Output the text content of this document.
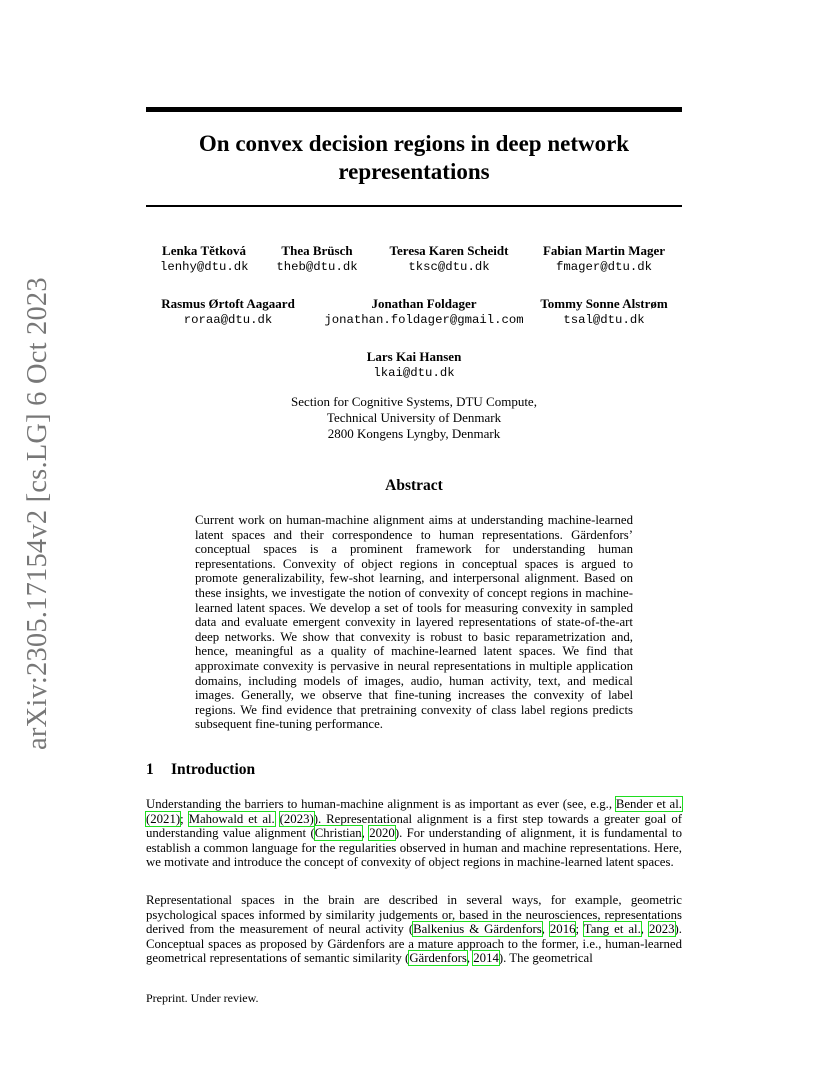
arXiv:2305.17154v2 [cs.LG] 6 Oct 2023
On convex decision regions in deep network representations
Lenka Tětková
lenhy@dtu.dk
Thea Brüsch
theb@dtu.dk
Teresa Karen Scheidt
tksc@dtu.dk
Fabian Martin Mager
fmager@dtu.dk
Rasmus Ørtoft Aagaard
roraa@dtu.dk
Jonathan Foldager
jonathan.foldager@gmail.com
Tommy Sonne Alstrøm
tsal@dtu.dk
Lars Kai Hansen
lkai@dtu.dk
Section for Cognitive Systems, DTU Compute,
Technical University of Denmark
2800 Kongens Lyngby, Denmark
Abstract
Current work on human-machine alignment aims at understanding machine-learned latent spaces and their correspondence to human representations. Gärdenfors’ conceptual spaces is a prominent framework for understanding human representations. Convexity of object regions in conceptual spaces is argued to promote generalizability, few-shot learning, and interpersonal alignment. Based on these insights, we investigate the notion of convexity of concept regions in machine-learned latent spaces. We develop a set of tools for measuring convexity in sampled data and evaluate emergent convexity in layered representations of state-of-the-art deep networks. We show that convexity is robust to basic reparametrization and, hence, meaningful as a quality of machine-learned latent spaces. We find that approximate convexity is pervasive in neural representations in multiple application domains, including models of images, audio, human activity, text, and medical images. Generally, we observe that fine-tuning increases the convexity of label regions. We find evidence that pretraining convexity of class label regions predicts subsequent fine-tuning performance.
1 Introduction

Understanding the barriers to human-machine alignment is as important as ever (see, e.g., Bender et al. (2021); Mahowald et al. (2023)). Representational alignment is a first step towards a greater goal of understanding value alignment (Christian, 2020). For understanding of alignment, it is fundamental to establish a common language for the regularities observed in human and machine representations. Here, we motivate and introduce the concept of convexity of object regions in machine-learned latent spaces.

Representational spaces in the brain are described in several ways, for example, geometric psychological spaces informed by similarity judgements or, based in the neurosciences, representations derived from the measurement of neural activity (Balkenius & Gärdenfors, 2016; Tang et al., 2023). Conceptual spaces as proposed by Gärdenfors are a mature approach to the former, i.e., human-learned geometrical representations of semantic similarity (Gärdenfors, 2014). The geometrical

Preprint. Under review.
